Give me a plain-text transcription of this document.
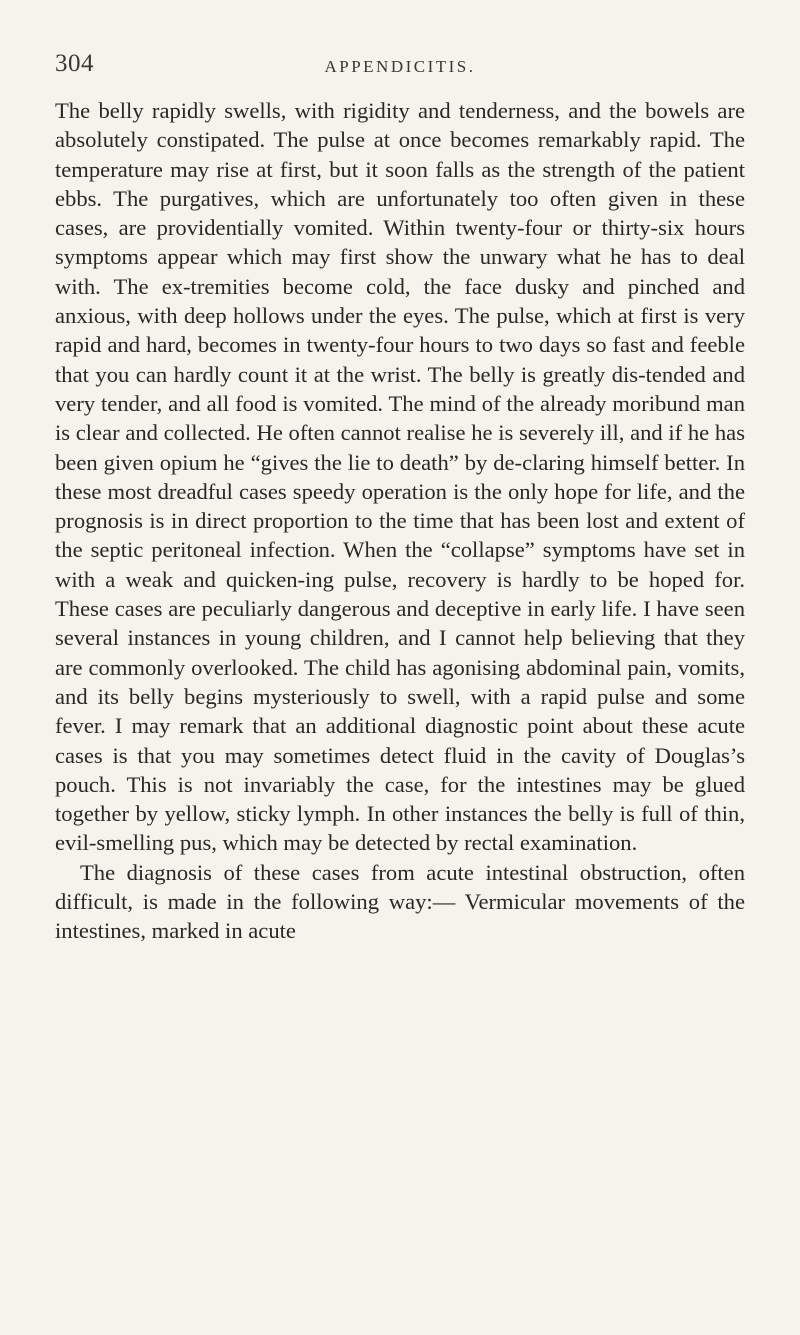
304	APPENDICITIS.

The belly rapidly swells, with rigidity and tenderness, and the bowels are absolutely constipated. The pulse at once becomes remarkably rapid. The temperature may rise at first, but it soon falls as the strength of the patient ebbs. The purgatives, which are unfortunately too often given in these cases, are providentially vomited. Within twenty-four or thirty-six hours symptoms appear which may first show the unwary what he has to deal with. The ex-tremities become cold, the face dusky and pinched and anxious, with deep hollows under the eyes. The pulse, which at first is very rapid and hard, becomes in twenty-four hours to two days so fast and feeble that you can hardly count it at the wrist. The belly is greatly dis-tended and very tender, and all food is vomited. The mind of the already moribund man is clear and collected. He often cannot realise he is severely ill, and if he has been given opium he “gives the lie to death” by de-claring himself better. In these most dreadful cases speedy operation is the only hope for life, and the prognosis is in direct proportion to the time that has been lost and extent of the septic peritoneal infection. When the “collapse” symptoms have set in with a weak and quicken-ing pulse, recovery is hardly to be hoped for. These cases are peculiarly dangerous and deceptive in early life. I have seen several instances in young children, and I cannot help believing that they are commonly overlooked. The child has agonising abdominal pain, vomits, and its belly begins mysteriously to swell, with a rapid pulse and some fever. I may remark that an additional diagnostic point about these acute cases is that you may sometimes detect fluid in the cavity of Douglas’s pouch. This is not invariably the case, for the intestines may be glued together by yellow, sticky lymph. In other instances the belly is full of thin, evil-smelling pus, which may be detected by rectal examination.

The diagnosis of these cases from acute intestinal obstruction, often difficult, is made in the following way:— Vermicular movements of the intestines, marked in acute
